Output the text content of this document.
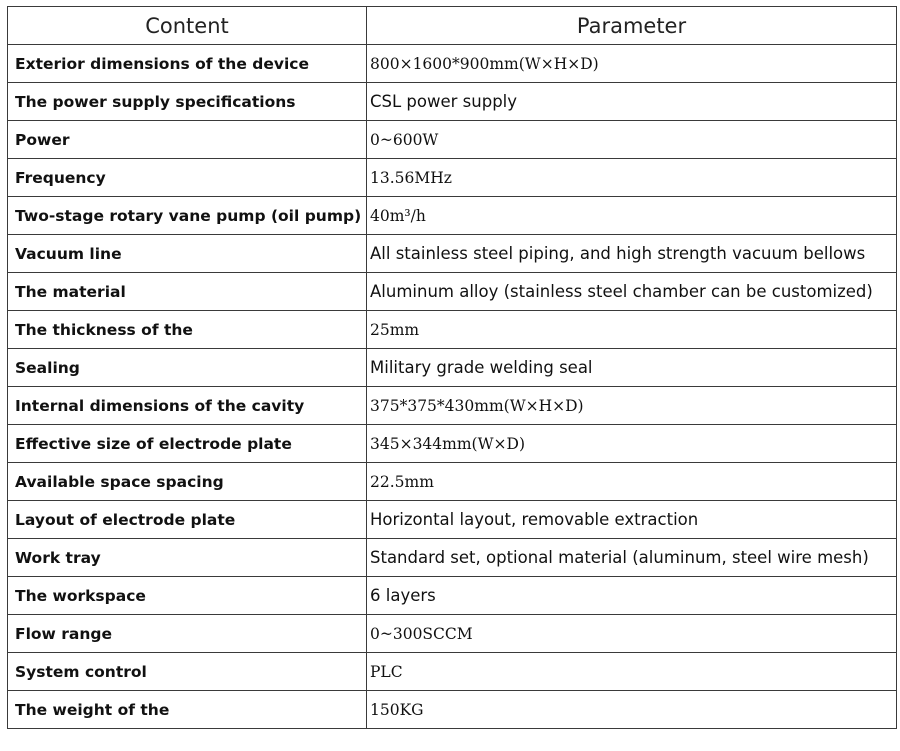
Content	Parameter
Exterior dimensions of the device	800×1600*900mm(W×H×D)
The power supply specifications	CSL power supply
Power	0~600W
Frequency	13.56MHz
Two-stage rotary vane pump (oil pump)	40m³/h
Vacuum line	All stainless steel piping, and high strength vacuum bellows
The material	Aluminum alloy (stainless steel chamber can be customized)
The thickness of the	25mm
Sealing	Military grade welding seal
Internal dimensions of the cavity	375*375*430mm(W×H×D)
Effective size of electrode plate	345×344mm(W×D)
Available space spacing	22.5mm
Layout of electrode plate	Horizontal layout, removable extraction
Work tray	Standard set, optional material (aluminum, steel wire mesh)
The workspace	6 layers
Flow range	0~300SCCM
System control	PLC
The weight of the	150KG
